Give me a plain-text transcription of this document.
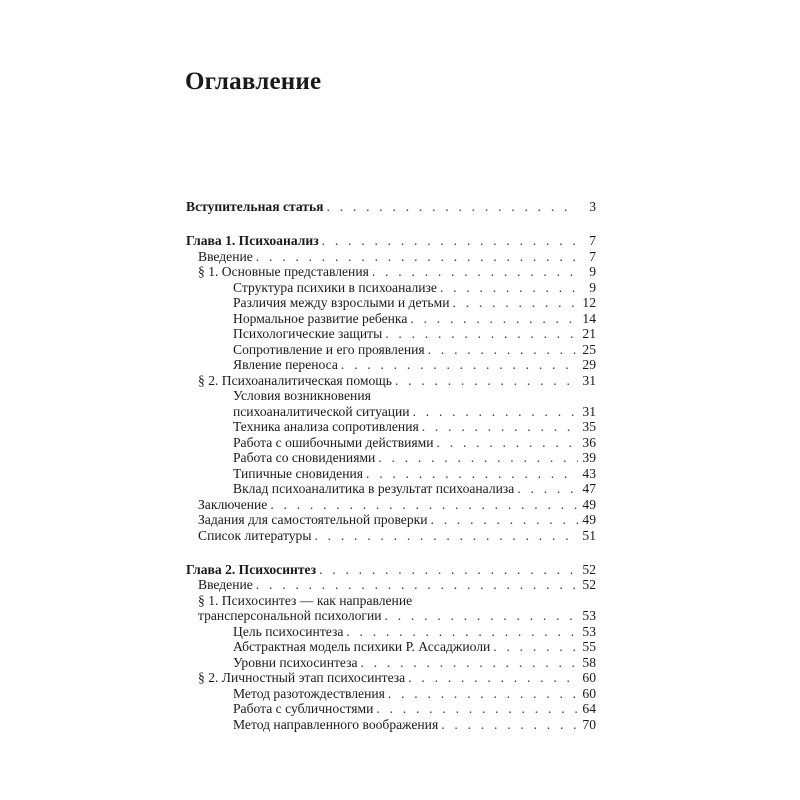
Оглавление
Вступительная статья . . .	3
Глава 1. Психоанализ . . .	7
Введение . . .	7
§ 1. Основные представления . . .	9
Структура психики в психоанализе . . .	9
Различия между взрослыми и детьми . . .	12
Нормальное развитие ребенка . . .	14
Психологические защиты . . .	21
Сопротивление и его проявления . . .	25
Явление переноса . . .	29
§ 2. Психоаналитическая помощь . . .	31
Условия возникновения
психоаналитической ситуации . . .	31
Техника анализа сопротивления . . .	35
Работа с ошибочными действиями . . .	36
Работа со сновидениями . . .	39
Типичные сновидения . . .	43
Вклад психоаналитика в результат психоанализа . . .	47
Заключение . . .	49
Задания для самостоятельной проверки . . .	49
Список литературы . . .	51
Глава 2. Психосинтез . . .	52
Введение . . .	52
§ 1. Психосинтез — как направление
трансперсональной психологии . . .	53
Цель психосинтеза . . .	53
Абстрактная модель психики Р. Ассаджиоли . . .	55
Уровни психосинтеза . . .	58
§ 2. Личностный этап психосинтеза . . .	60
Метод разотождествления . . .	60
Работа с субличностями . . .	64
Метод направленного воображения . . .	70
